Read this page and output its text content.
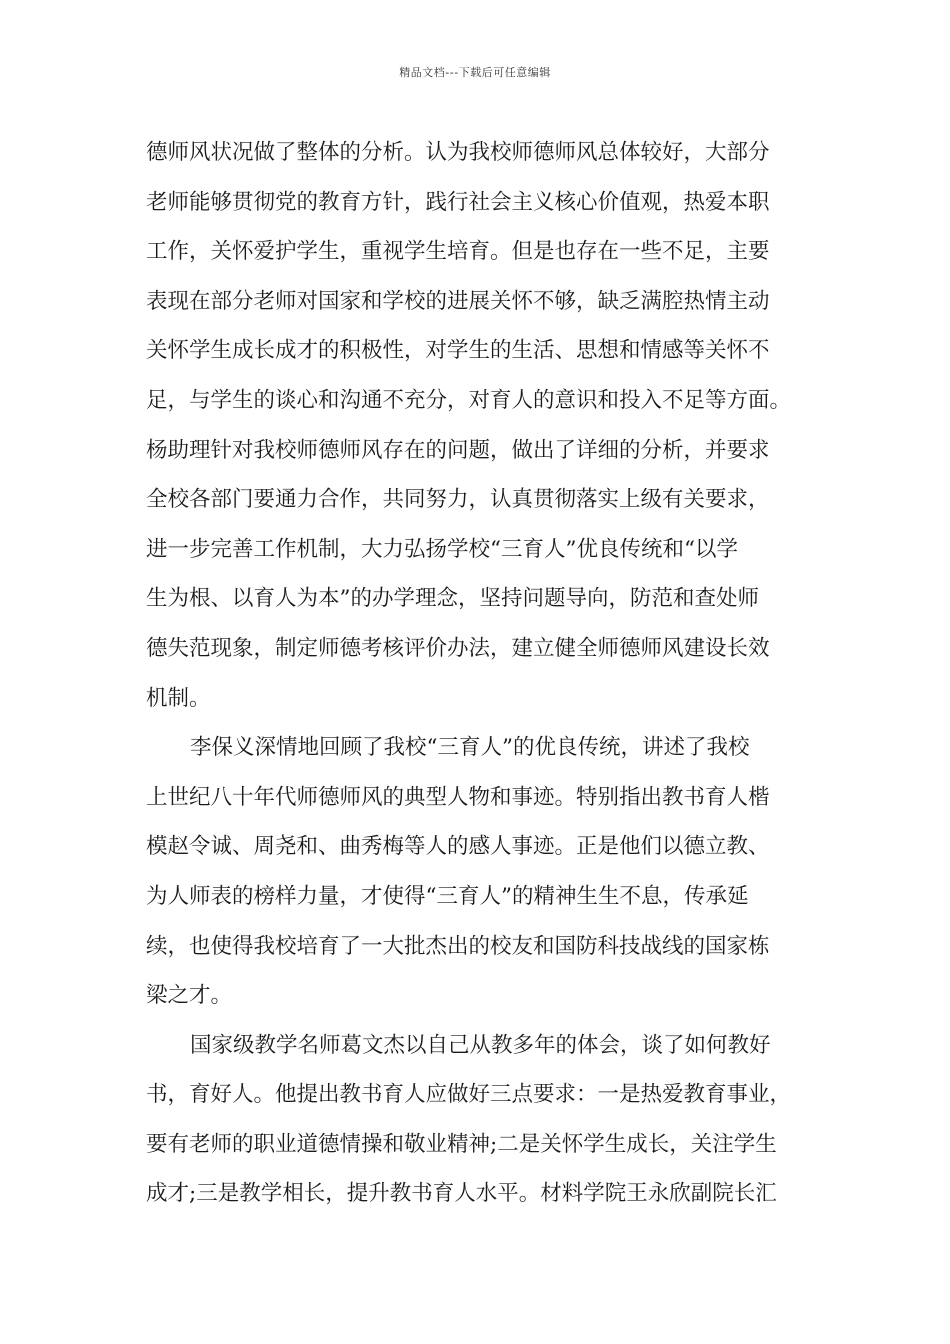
精品文档---下载后可任意编辑
德师风状况做了整体的分析。认为我校师德师风总体较好，大部分
老师能够贯彻党的教育方针，践行社会主义核心价值观，热爱本职
工作，关怀爱护学生，重视学生培育。但是也存在一些不足，主要
表现在部分老师对国家和学校的进展关怀不够，缺乏满腔热情主动
关怀学生成长成才的积极性，对学生的生活、思想和情感等关怀不
足，与学生的谈心和沟通不充分，对育人的意识和投入不足等方面。
杨助理针对我校师德师风存在的问题，做出了详细的分析，并要求
全校各部门要通力合作，共同努力，认真贯彻落实上级有关要求，
进一步完善工作机制，大力弘扬学校“三育人”优良传统和“以学
生为根、以育人为本”的办学理念，坚持问题导向，防范和查处师
德失范现象，制定师德考核评价办法，建立健全师德师风建设长效
机制。
李保义深情地回顾了我校“三育人”的优良传统，讲述了我校
上世纪八十年代师德师风的典型人物和事迹。特别指出教书育人楷
模赵令诚、周尧和、曲秀梅等人的感人事迹。正是他们以德立教、
为人师表的榜样力量，才使得“三育人”的精神生生不息，传承延
续，也使得我校培育了一大批杰出的校友和国防科技战线的国家栋
梁之才。
国家级教学名师葛文杰以自己从教多年的体会，谈了如何教好
书，育好人。他提出教书育人应做好三点要求：一是热爱教育事业，
要有老师的职业道德情操和敬业精神;二是关怀学生成长，关注学生
成才;三是教学相长，提升教书育人水平。材料学院王永欣副院长汇
